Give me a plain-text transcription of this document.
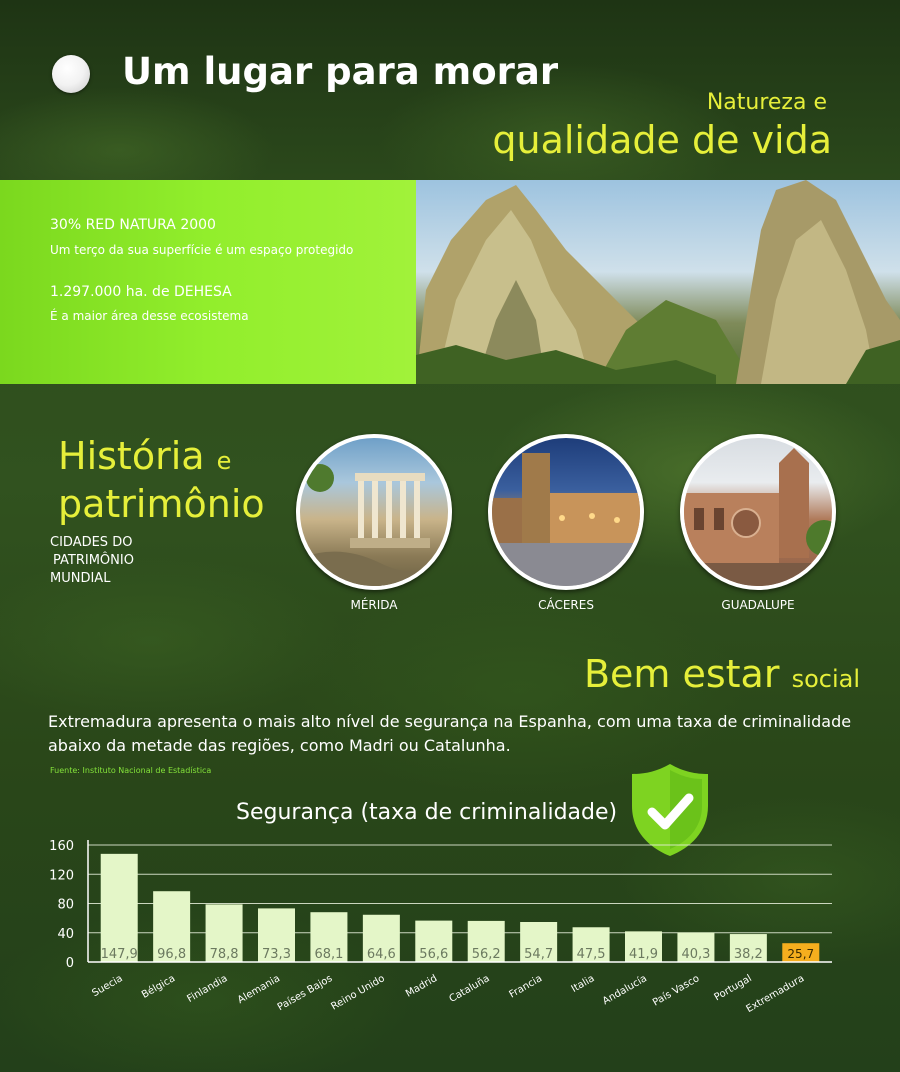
Um lugar para morar
Natureza e
qualidade de vida
30% RED NATURA 2000
Um terço da sua superfície é um espaço protegido
1.297.000 ha. de DEHESA
É a maior área desse ecosistema
História e
patrimônio
CIDADES DO
PATRIMÔNIO
MUNDIAL
MÉRIDA	CÁCERES	GUADALUPE
Bem estar social
Extremadura apresenta o mais alto nível de segurança na Espanha, com uma taxa de criminalidade abaixo da metade das regiões, como Madri ou Catalunha.
Fuente: Instituto Nacional de Estadística
Segurança (taxa de criminalidade)
0
40
80
120
160
147,9
Suecia
96,8
Bélgica
78,8
Finlandia
73,3
Alemania
68,1
Países Bajos
64,6
Reino Unido
56,6
Madrid
56,2
Cataluña
54,7
Francia
47,5
Italia
41,9
Andalucía
40,3
País Vasco
38,2
Portugal
25,7
Extremadura
